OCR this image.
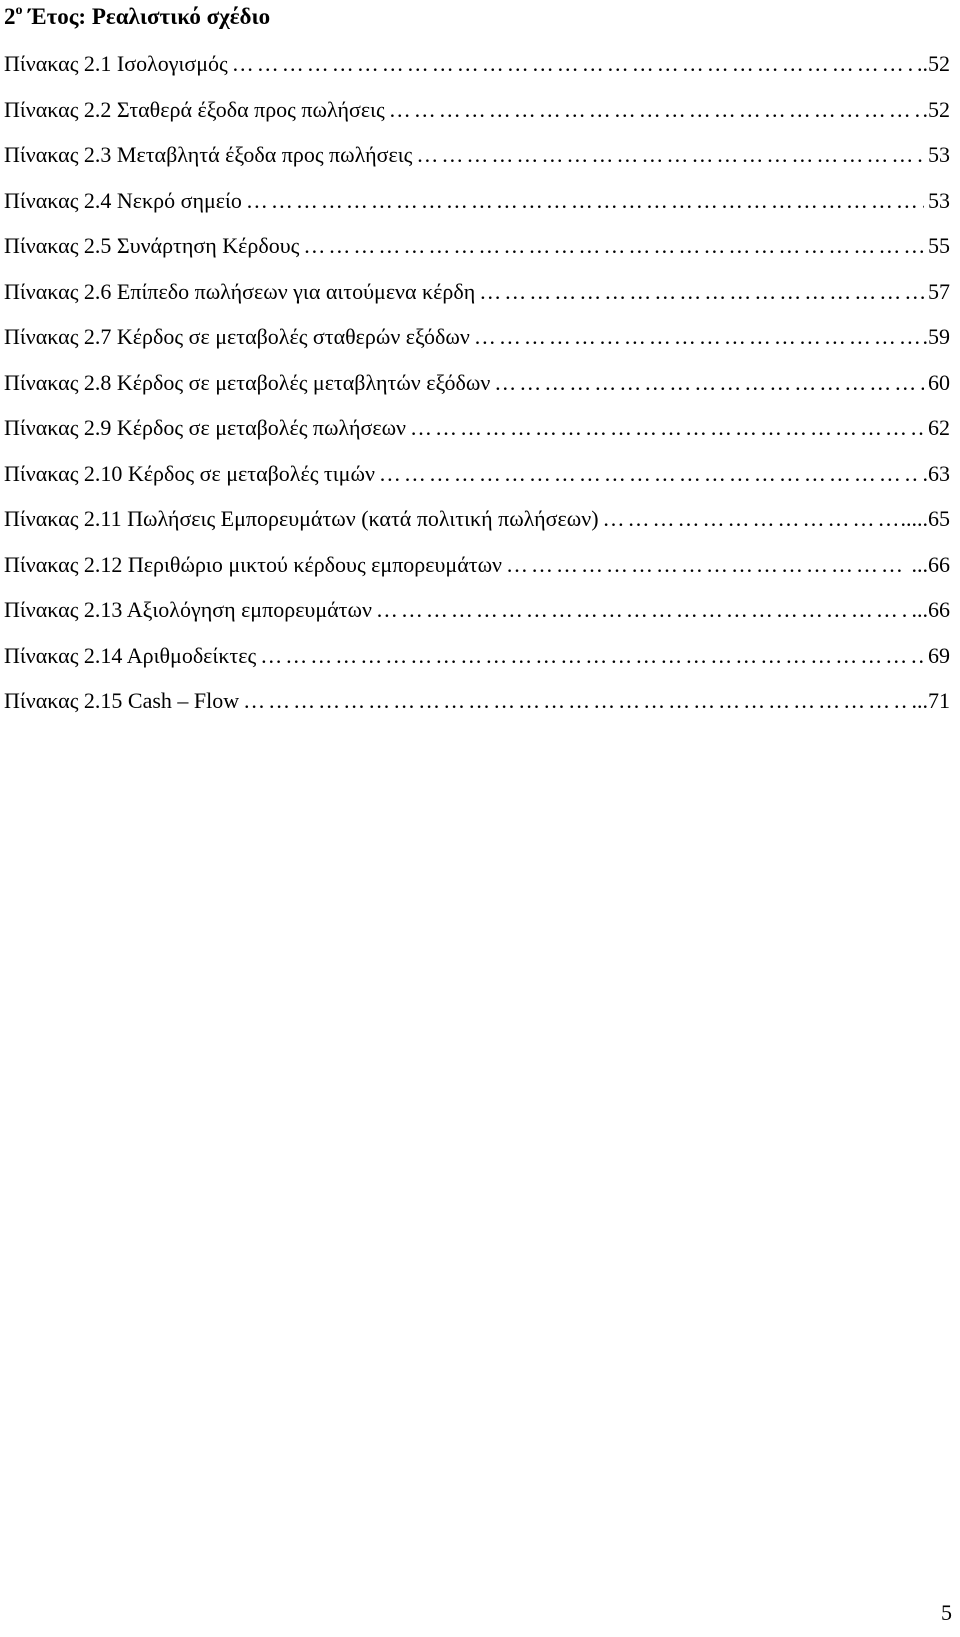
$2^o$ Έτος: Ρεαλιστικό σχέδιο
Πίνακας 2.1 Ισολογισμός …………………………………………………………………………………………………………………………………………………………………………	..52
Πίνακας 2.2 Σταθερά έξοδα προς πωλήσεις …………………………………………………………………………………………………………………………………………………………………………	.52
Πίνακας 2.3 Μεταβλητά έξοδα προς πωλήσεις …………………………………………………………………………………………………………………………………………………………………………	53
Πίνακας 2.4 Νεκρό σημείο …………………………………………………………………………………………………………………………………………………………………………	53
Πίνακας 2.5 Συνάρτηση Κέρδους …………………………………………………………………………………………………………………………………………………………………………	55
Πίνακας 2.6 Επίπεδο πωλήσεων για αιτούμενα κέρδη …………………………………………………………………………………………………………………………………………………………………………	57
Πίνακας 2.7 Κέρδος σε μεταβολές σταθερών εξόδων …………………………………………………………………………………………………………………………………………………………………………	.59
Πίνακας 2.8 Κέρδος σε μεταβολές μεταβλητών εξόδων …………………………………………………………………………………………………………………………………………………………………………	60
Πίνακας 2.9 Κέρδος σε μεταβολές πωλήσεων …………………………………………………………………………………………………………………………………………………………………………	62
Πίνακας 2.10 Κέρδος σε μεταβολές τιμών …………………………………………………………………………………………………………………………………………………………………………	.63
Πίνακας 2.11 Πωλήσεις Εμπορευμάτων (κατά πολιτική πωλήσεων) …………………………………………………………………………………………………………………………………………………………………………	.....65
Πίνακας 2.12 Περιθώριο μικτού κέρδους εμπορευμάτων …………………………………………………………………………………………………………………………………………………………………………	...66
Πίνακας 2.13 Αξιολόγηση εμπορευμάτων …………………………………………………………………………………………………………………………………………………………………………	...66
Πίνακας 2.14 Αριθμοδείκτες …………………………………………………………………………………………………………………………………………………………………………	69
Πίνακας 2.15 Cash – Flow …………………………………………………………………………………………………………………………………………………………………………	...71
5
